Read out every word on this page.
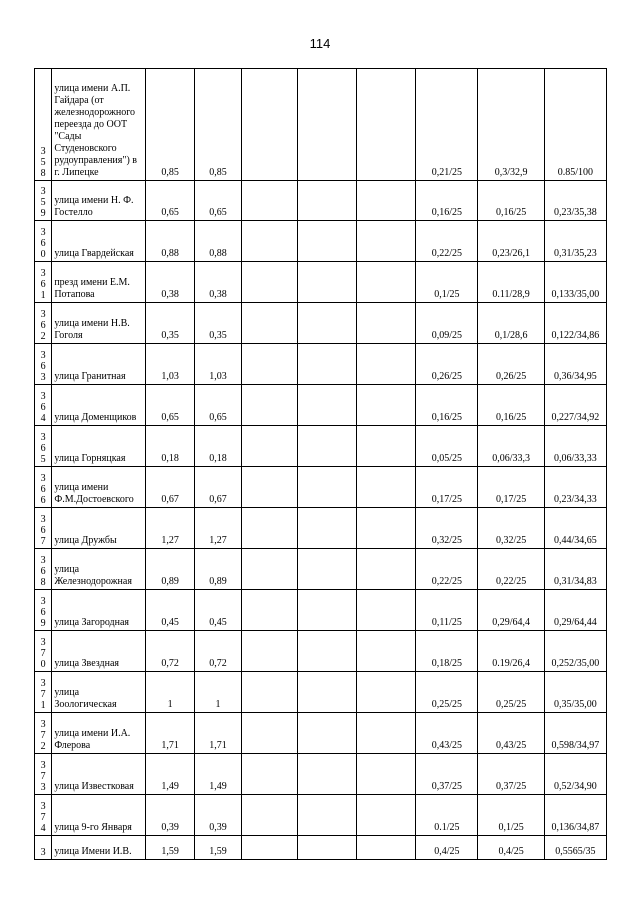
114
358	улица имени А.П. Гайдара (от железнодорожного переезда до ООТ "Сады Студеновского рудоуправления") в г. Липецке	0,85	0,85				0,21/25	0,3/32,9	0.85/100

359	улица имени Н. Ф. Гостелло	0,65	0,65				0,16/25	0,16/25	0,23/35,38

360	улица Гвардейская	0,88	0,88				0,22/25	0,23/26,1	0,31/35,23

361	презд имени Е.М. Потапова	0,38	0,38				0,1/25	0.11/28,9	0,133/35,00

362	улица имени Н.В. Гоголя	0,35	0,35				0,09/25	0,1/28,6	0,122/34,86

363	улица Гранитная	1,03	1,03				0,26/25	0,26/25	0,36/34,95

364	улица Доменщиков	0,65	0,65				0,16/25	0,16/25	0,227/34,92

365	улица Горняцкая	0,18	0,18				0,05/25	0,06/33,3	0,06/33,33

366	улица имени Ф.М.Достоевского	0,67	0,67				0,17/25	0,17/25	0,23/34,33

367	улица Дружбы	1,27	1,27				0,32/25	0,32/25	0,44/34,65

368	улица Железнодорожная	0,89	0,89				0,22/25	0,22/25	0,31/34,83

369	улица Загородная	0,45	0,45				0,11/25	0,29/64,4	0,29/64,44

370	улица Звездная	0,72	0,72				0,18/25	0.19/26,4	0,252/35,00

371	улица Зоологическая	1	1				0,25/25	0,25/25	0,35/35,00

372	улица имени И.А. Флерова	1,71	1,71				0,43/25	0,43/25	0,598/34,97

373	улица Известковая	1,49	1,49				0,37/25	0,37/25	0,52/34,90

374	улица 9-го Января	0,39	0,39				0.1/25	0,1/25	0,136/34,87

3	улица Имени И.В.	1,59	1,59				0,4/25	0,4/25	0,5565/35
